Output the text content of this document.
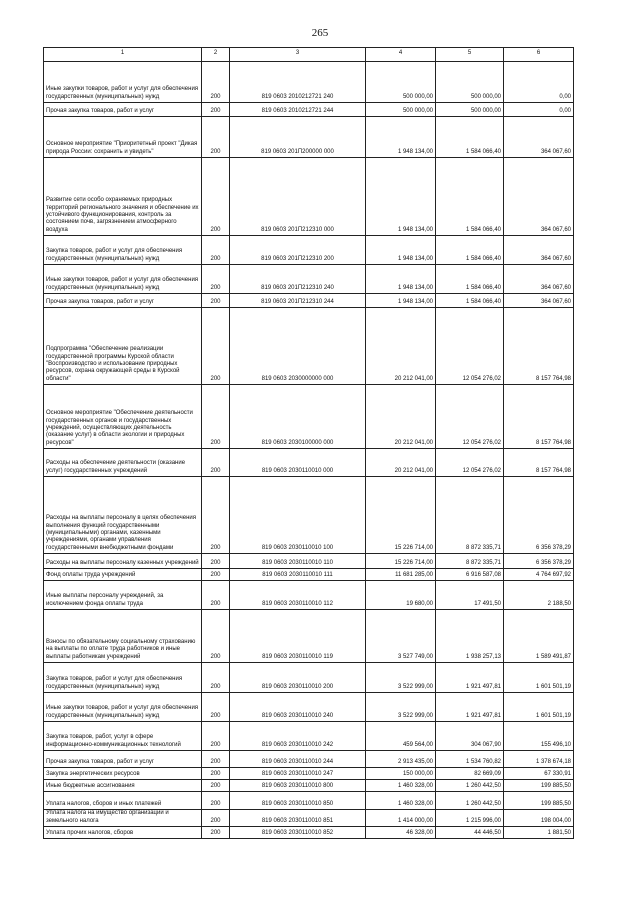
265
1	2	3	4	5	6
Иные закупки товаров, работ и услуг для обеспечения государственных (муниципальных) нужд	200	819 0603 2010212721 240	500 000,00	500 000,00	0,00
Прочая закупка товаров, работ и услуг	200	819 0603 2010212721 244	500 000,00	500 000,00	0,00
Основное мероприятие "Приоритетный проект "Дикая природа России: сохранить и увидеть"	200	819 0603 201П200000 000	1 948 134,00	1 584 066,40	364 067,60
Развитие сети особо охраняемых природных территорий регионального значения и обеспечение их устойчивого функционирования, контроль за состоянием почв, загрязнением атмосферного воздуха	200	819 0603 201П212310 000	1 948 134,00	1 584 066,40	364 067,60
Закупка товаров, работ и услуг для обеспечения государственных (муниципальных) нужд	200	819 0603 201П212310 200	1 948 134,00	1 584 066,40	364 067,60
Иные закупки товаров, работ и услуг для обеспечения государственных (муниципальных) нужд	200	819 0603 201П212310 240	1 948 134,00	1 584 066,40	364 067,60
Прочая закупка товаров, работ и услуг	200	819 0603 201П212310 244	1 948 134,00	1 584 066,40	364 067,60
Подпрограмма "Обеспечение реализации государственной программы Курской области "Воспроизводство и использование природных ресурсов, охрана окружающей среды в Курской области"	200	819 0603 2030000000 000	20 212 041,00	12 054 276,02	8 157 764,98
Основное мероприятие "Обеспечение деятельности государственных органов и государственных учреждений, осуществляющих деятельность (оказание услуг) в области экологии и природных ресурсов"	200	819 0603 2030100000 000	20 212 041,00	12 054 276,02	8 157 764,98
Расходы на обеспечение деятельности (оказание услуг) государственных учреждений	200	819 0603 2030110010 000	20 212 041,00	12 054 276,02	8 157 764,98
Расходы на выплаты персоналу в целях обеспечения выполнения функций государственными (муниципальными) органами, казенными учреждениями, органами управления государственными внебюджетными фондами	200	819 0603 2030110010 100	15 226 714,00	8 872 335,71	6 356 378,29
Расходы на выплаты персоналу казенных учреждений	200	819 0603 2030110010 110	15 226 714,00	8 872 335,71	6 356 378,29
Фонд оплаты труда учреждений	200	819 0603 2030110010 111	11 681 285,00	6 916 587,08	4 764 697,92
Иные выплаты персоналу учреждений, за исключением фонда оплаты труда	200	819 0603 2030110010 112	19 680,00	17 491,50	2 188,50
Взносы по обязательному социальному страхованию на выплаты по оплате труда работников и иные выплаты работникам учреждений	200	819 0603 2030110010 119	3 527 749,00	1 938 257,13	1 589 491,87
Закупка товаров, работ и услуг для обеспечения государственных (муниципальных) нужд	200	819 0603 2030110010 200	3 522 999,00	1 921 497,81	1 601 501,19
Иные закупки товаров, работ и услуг для обеспечения государственных (муниципальных) нужд	200	819 0603 2030110010 240	3 522 999,00	1 921 497,81	1 601 501,19
Закупка товаров, работ, услуг в сфере информационно-коммуникационных технологий	200	819 0603 2030110010 242	459 564,00	304 067,90	155 496,10
Прочая закупка товаров, работ и услуг	200	819 0603 2030110010 244	2 913 435,00	1 534 760,82	1 378 674,18
Закупка энергетических ресурсов	200	819 0603 2030110010 247	150 000,00	82 669,09	67 330,91
Иные бюджетные ассигнования	200	819 0603 2030110010 800	1 460 328,00	1 260 442,50	199 885,50
Уплата налогов, сборов и иных платежей	200	819 0603 2030110010 850	1 460 328,00	1 260 442,50	199 885,50
Уплата налога на имущество организаций и земельного налога	200	819 0603 2030110010 851	1 414 000,00	1 215 996,00	198 004,00
Уплата прочих налогов, сборов	200	819 0603 2030110010 852	46 328,00	44 446,50	1 881,50
